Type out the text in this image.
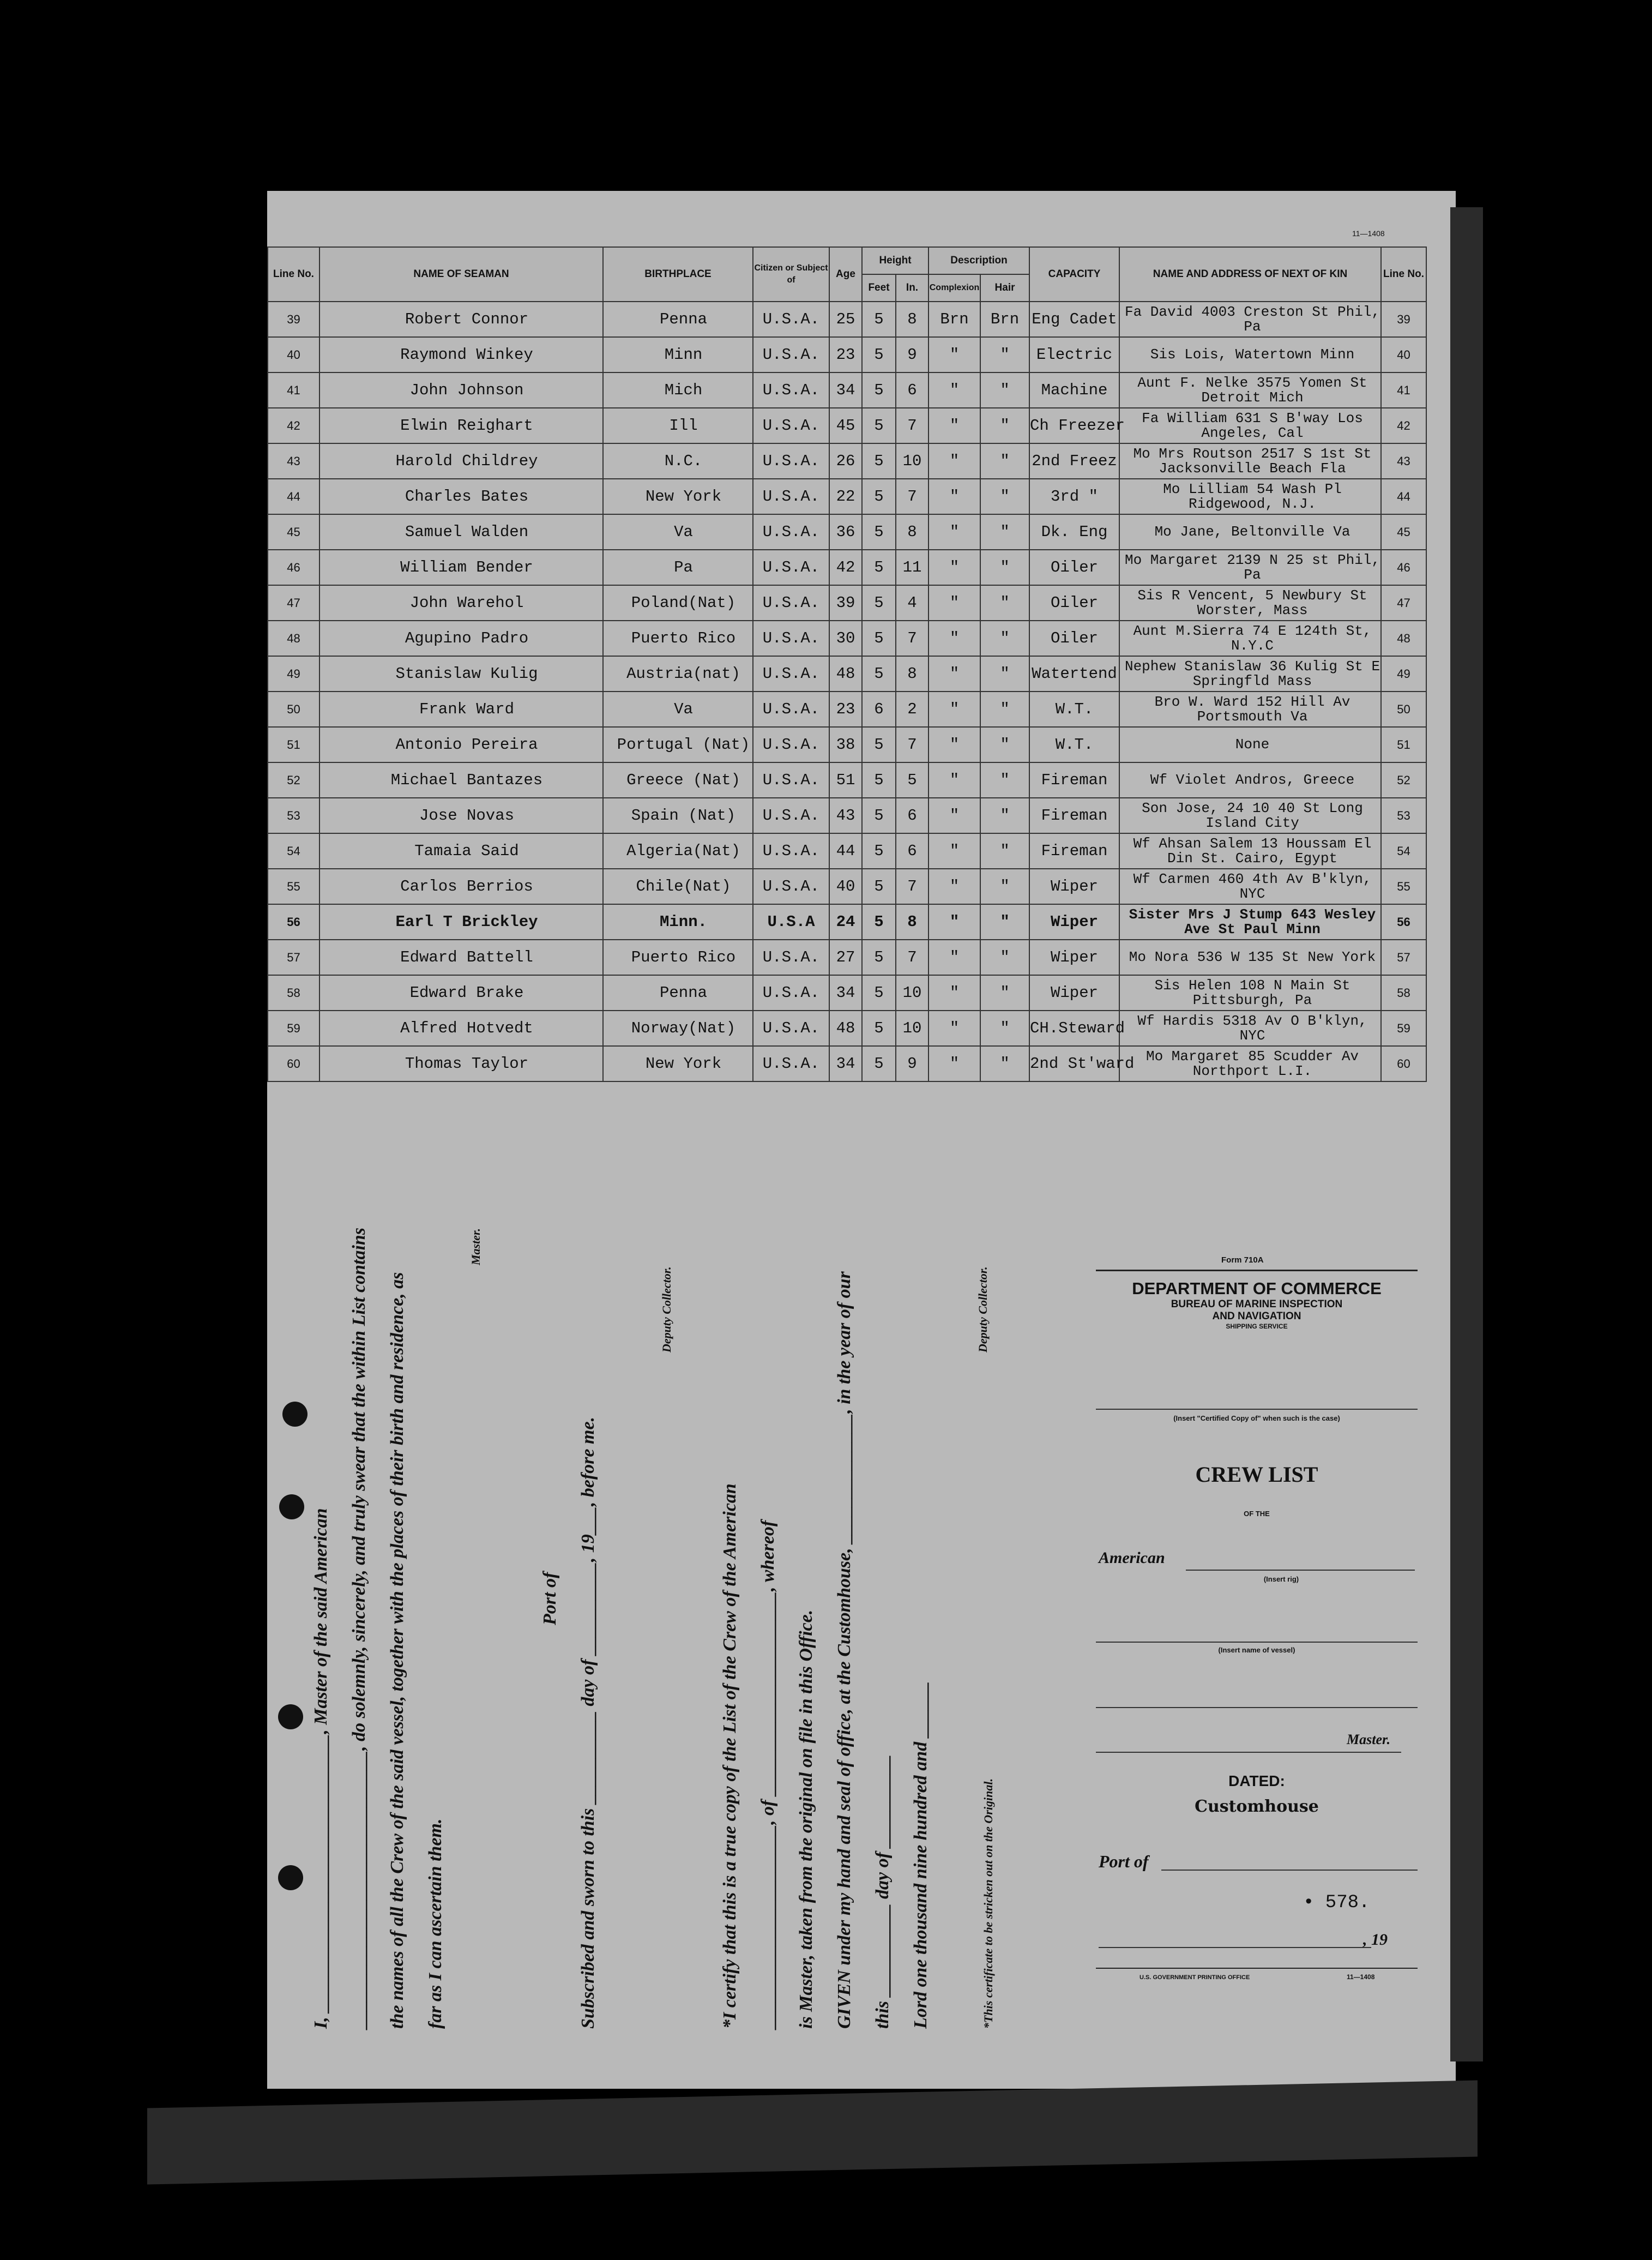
11—1408
Line No.	NAME OF SEAMAN	BIRTHPLACE	Citizen or Subject of	Age	Height		Description		CAPACITY	NAME AND ADDRESS OF NEXT OF KIN	Line No.
					Feet	In.	Complexion	Hair			
39	Robert Connor	Penna	U.S.A.	25	5	8	Brn	Brn	Eng Cadet	Fa David 4003 Creston St Phil, Pa	39
40	Raymond Winkey	Minn	U.S.A.	23	5	9	"	"	Electric	Sis Lois, Watertown Minn	40
41	John Johnson	Mich	U.S.A.	34	5	6	"	"	Machine	Aunt F. Nelke 3575 Yomen St Detroit Mich	41
42	Elwin Reighart	Ill	U.S.A.	45	5	7	"	"	Ch Freezer	Fa William 631 S B'way Los Angeles, Cal	42
43	Harold Childrey	N.C.	U.S.A.	26	5	10	"	"	2nd Freez	Mo Mrs Routson 2517 S 1st St Jacksonville Beach Fla	43
44	Charles Bates	New York	U.S.A.	22	5	7	"	"	3rd "	Mo Lilliam 54 Wash Pl Ridgewood, N.J.	44
45	Samuel Walden	Va	U.S.A.	36	5	8	"	"	Dk. Eng	Mo Jane, Beltonville Va	45
46	William Bender	Pa	U.S.A.	42	5	11	"	"	Oiler	Mo Margaret 2139 N 25 st Phil, Pa	46
47	John Warehol	Poland(Nat)	U.S.A.	39	5	4	"	"	Oiler	Sis R Vencent, 5 Newbury St Worster, Mass	47
48	Agupino Padro	Puerto Rico	U.S.A.	30	5	7	"	"	Oiler	Aunt M.Sierra 74 E 124th St, N.Y.C	48
49	Stanislaw Kulig	Austria(nat)	U.S.A.	48	5	8	"	"	Watertend	Nephew Stanislaw 36 Kulig St E Springfld Mass	49
50	Frank Ward	Va	U.S.A.	23	6	2	"	"	W.T.	Bro W. Ward 152 Hill Av Portsmouth Va	50
51	Antonio Pereira	Portugal (Nat)	U.S.A.	38	5	7	"	"	W.T.	None	51
52	Michael Bantazes	Greece (Nat)	U.S.A.	51	5	5	"	"	Fireman	Wf Violet Andros, Greece	52
53	Jose Novas	Spain (Nat)	U.S.A.	43	5	6	"	"	Fireman	Son Jose, 24 10 40 St Long Island City	53
54	Tamaia Said	Algeria(Nat)	U.S.A.	44	5	6	"	"	Fireman	Wf Ahsan Salem 13 Houssam El Din St. Cairo, Egypt	54
55	Carlos Berrios	Chile(Nat)	U.S.A.	40	5	7	"	"	Wiper	Wf Carmen 460 4th Av B'klyn, NYC	55
56	Earl T Brickley	Minn.	U.S.A	24	5	8	"	"	Wiper	Sister Mrs J Stump 643 Wesley Ave St Paul Minn	56
57	Edward Battell	Puerto Rico	U.S.A.	27	5	7	"	"	Wiper	Mo Nora 536 W 135 St New York	57
58	Edward Brake	Penna	U.S.A.	34	5	10	"	"	Wiper	Sis Helen 108 N Main St Pittsburgh, Pa	58
59	Alfred Hotvedt	Norway(Nat)	U.S.A.	48	5	10	"	"	CH.Steward	Wf Hardis 5318 Av O B'klyn, NYC	59
60	Thomas Taylor	New York	U.S.A.	34	5	9	"	"	2nd St'ward	Mo Margaret 85 Scudder Av Northport L.I.	60
I, ______________________________, Master of the said American ______________________________, do solemnly, sincerely, and truly swear that the within List contains the names of all the Crew of the said vessel, together with the places of their birth and residence, as far as I can ascertain them.
Master.
Subscribed and sworn to this __________ day of __________, 19___, before me.
Port of
Deputy Collector.
*I certify that this is a true copy of the List of the Crew of the American ______________________, of ______________________, whereof is Master, taken from the original on file in this Office. GIVEN under my hand and seal of office, at the Customhouse, ______________, in the year of our this __________ day of __________ Lord one thousand nine hundred and ______
Deputy Collector.
*This certificate to be stricken out on the Original.
Form 710A
DEPARTMENT OF COMMERCE
BUREAU OF MARINE INSPECTION
AND NAVIGATION
SHIPPING SERVICE
(Insert "Certified Copy of" when such is the case)
CREW LIST
OF THE
American
(Insert rig)
(Insert name of vessel)
Master.
DATED:
Customhouse
Port of
• 578.
, 19
U.S. GOVERNMENT PRINTING OFFICE	11—1408
